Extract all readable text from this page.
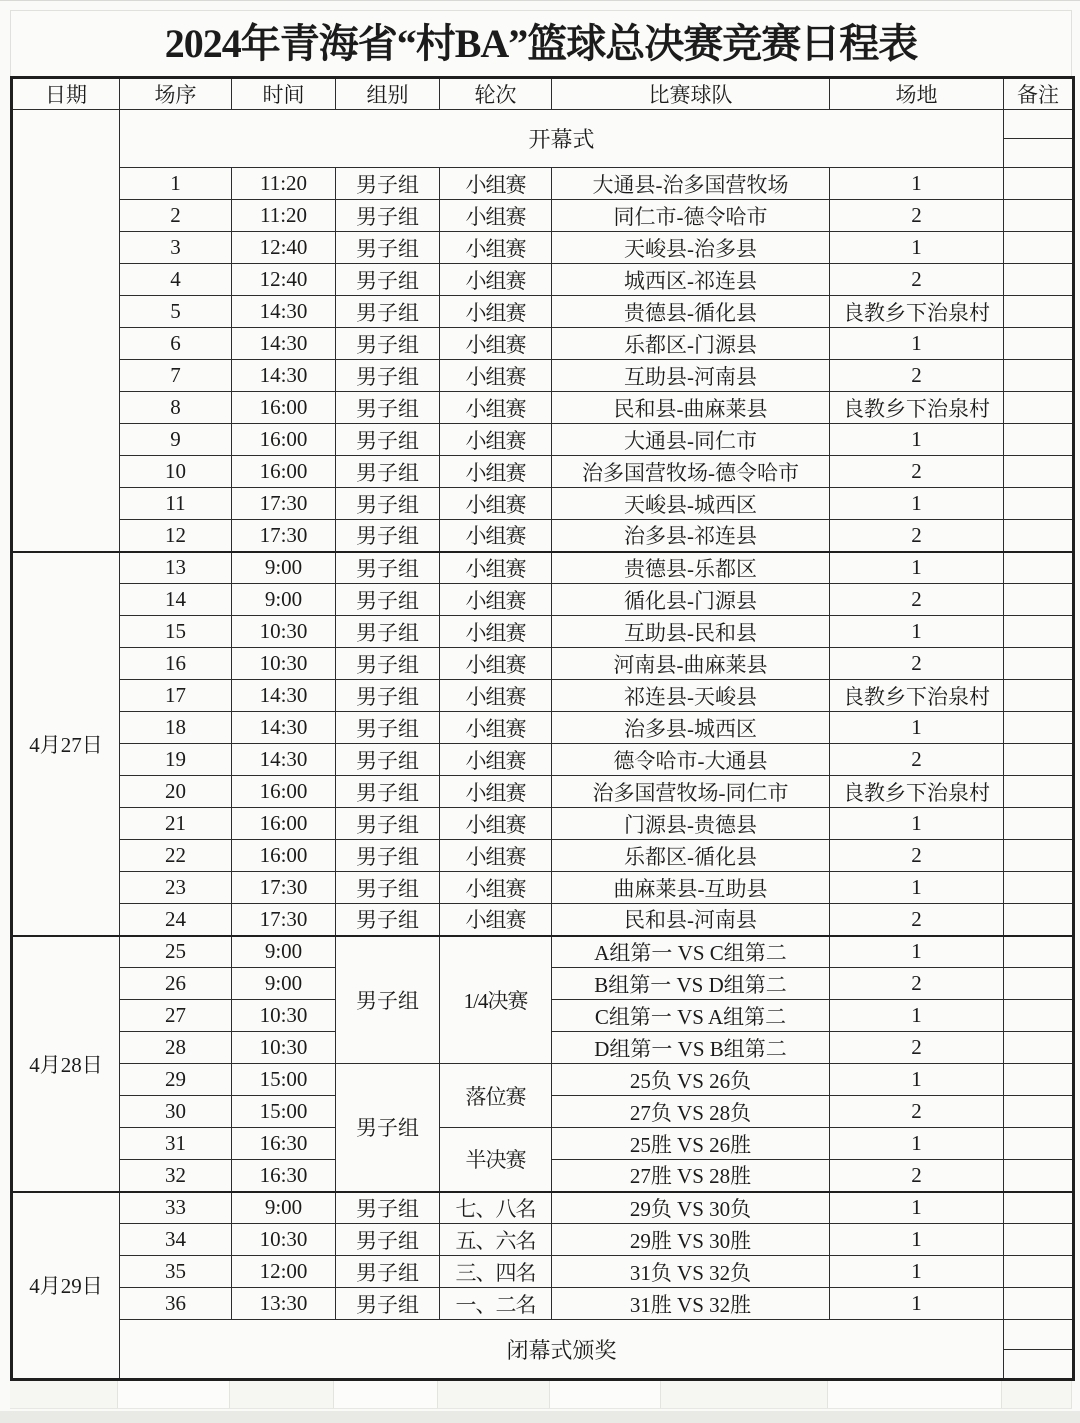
2024年青海省“村BA”篮球总决赛竞赛日程表
日期	场序	时间	组别	轮次	比赛球队	场地	备注
	开幕式						

	1	11:20	男子组	小组赛	大通县-治多国营牧场	1	
	2	11:20	男子组	小组赛	同仁市-德令哈市	2	
	3	12:40	男子组	小组赛	天峻县-治多县	1	
	4	12:40	男子组	小组赛	城西区-祁连县	2	
	5	14:30	男子组	小组赛	贵德县-循化县	良教乡下治泉村	
	6	14:30	男子组	小组赛	乐都区-门源县	1	
	7	14:30	男子组	小组赛	互助县-河南县	2	
	8	16:00	男子组	小组赛	民和县-曲麻莱县	良教乡下治泉村	
	9	16:00	男子组	小组赛	大通县-同仁市	1	
	10	16:00	男子组	小组赛	治多国营牧场-德令哈市	2	
	11	17:30	男子组	小组赛	天峻县-城西区	1	
	12	17:30	男子组	小组赛	治多县-祁连县	2	
4月27日	13	9:00	男子组	小组赛	贵德县-乐都区	1	
	14	9:00	男子组	小组赛	循化县-门源县	2	
	15	10:30	男子组	小组赛	互助县-民和县	1	
	16	10:30	男子组	小组赛	河南县-曲麻莱县	2	
	17	14:30	男子组	小组赛	祁连县-天峻县	良教乡下治泉村	
	18	14:30	男子组	小组赛	治多县-城西区	1	
	19	14:30	男子组	小组赛	德令哈市-大通县	2	
	20	16:00	男子组	小组赛	治多国营牧场-同仁市	良教乡下治泉村	
	21	16:00	男子组	小组赛	门源县-贵德县	1	
	22	16:00	男子组	小组赛	乐都区-循化县	2	
	23	17:30	男子组	小组赛	曲麻莱县-互助县	1	
	24	17:30	男子组	小组赛	民和县-河南县	2	
4月28日	25	9:00	男子组	1/4决赛	A组第一 VS C组第二	1	
	26	9:00			B组第一 VS D组第二	2	
	27	10:30			C组第一 VS A组第二	1	
	28	10:30			D组第一 VS B组第二	2	
	29	15:00	男子组	落位赛	25负 VS 26负	1	
	30	15:00			27负 VS 28负	2	
	31	16:30		半决赛	25胜 VS 26胜	1	
	32	16:30			27胜 VS 28胜	2	
4月29日	33	9:00	男子组	七、八名	29负 VS 30负	1	
	34	10:30	男子组	五、六名	29胜 VS 30胜	1	
	35	12:00	男子组	三、四名	31负 VS 32负	1	
	36	13:30	男子组	一、二名	31胜 VS 32胜	1	
	闭幕式颁奖						
